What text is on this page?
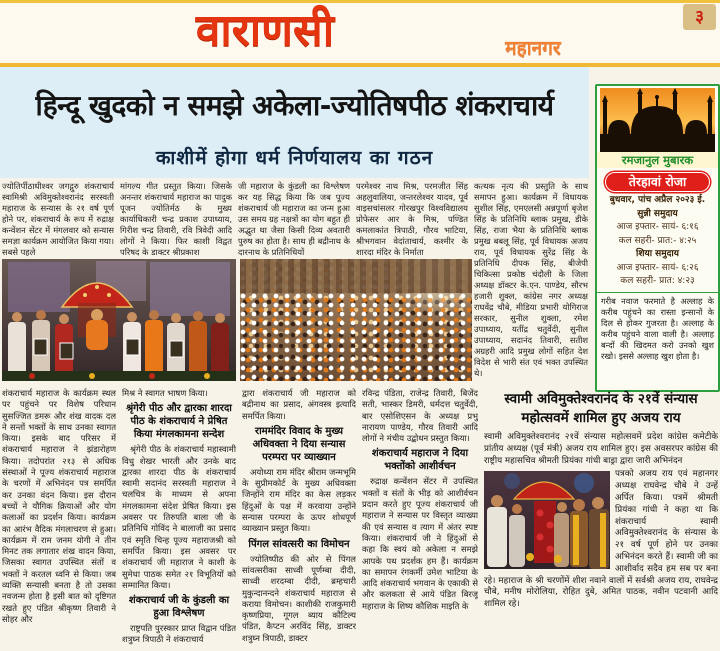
वाराणसी	महानगर
३
हिन्दू खुदको न समझे अकेला-ज्योतिषपीठ शंकराचार्य
काशीमें होगा धर्म निर्णयालय का गठन

ज्योतिर्पीठाधीश्वर जगद्गुरु शंकराचार्य स्वामिश्री अविमुक्तेश्वरानंद सरस्वती महाराज के सन्यास के २१ वर्ष पूर्ण होने पर, शंकराचार्य के रूप में रुद्राक्ष कन्वेंशन सेंटर में मंगलवार को सन्यास समज्ञा कार्यक्रम आयोजित किया गया। सबसे पहले

मांगल्य गीत प्रस्तुत किया। जिसके अनन्तर शंकराचार्य महाराज का पादुक पूजन ज्योतिर्मठ के मुख्य कार्याधिकारी चन्द्र प्रकाश उपाध्याय, गिरीश चन्द्र तिवारी, रवि त्रिवेदी आदि लोगों ने किया। फिर काशी विद्वत परिषद के डाक्टर श्रीप्रकाश

जी महाराज के कुंडली का विश्लेषण कर यह सिद्ध किया कि जब पूज्य शंकराचार्य जी महाराज का जन्म हुआ उस समय ग्रह नक्षत्रों का योग बहुत ही अद्भुत था जैसा किसी दिव्य अवतारी पुरुष का होता है। साथ ही बद्रीनाथ के दारनाथ के प्रतिनिधियों

परमेश्वर नाथ मिश्र, परमजीत सिंह अहलुवालिया, जन्तरलेश्वर यादव, पूर्व वाइसचांसलर गोरखपुर विश्वविद्यालय प्रोफेसर आर के मिश्र, पण्डित कमलाकांत त्रिपाठी, गौरव भाटिया, श्रीभगवान वेदांताचार्य, कश्मीर के शारदा मंदिर के निर्माता

कत्थक नृत्य की प्रस्तुति के साथ समापन हुआ। कार्यक्रम में विधायक सुशील सिंह, एमएलसी अन्नपूर्णा बृजेश सिंह के प्रतिनिधि ब्लाक प्रमुख, डीके सिंह, राजा भैया के प्रतिनिधि ब्लाक प्रमुख बबलू सिंह, पूर्व विधायक अजय राय, पूर्व विधायक सुरेंद्र सिंह के प्रतिनिधि दीपक सिंह, बीजेपी चिकित्सा प्रकोष्ठ चंदौली के जिला अध्यक्ष डॉक्टर के.एन. पाण्डेय, सौरभ हजारी शुक्ल, कांग्रेस नगर अध्यक्ष राघवेंद्र चौबे, मीडिया प्रभारी योगिराज सरकार, सुनील शुक्ला, रमेश उपाध्याय, यतींद्र चतुर्वेदी, सुनील उपाध्याय, सदानंद तिवारी, सतीश अग्रहरी आदि प्रमुख लोगों सहित देश विदेश से भारी संत एवं भक्त उपस्थित थे।

शंकराचार्य महाराज के कार्यक्रम स्थल पर पहुंचने पर विशेष परिधान सुसज्जित डमरू और शंख वादक दल ने सन्तों भक्तों के साथ उनका स्वागत किया। इसके बाद परिसर में शंकराचार्य महाराज ने झंडारोहण किया। तदोपरांत २१३ से अधिक संस्थाओं ने पूज्य शंकराचार्य महाराज के चरणों में अभिनंदन पत्र समर्पित कर उनका वंदन किया। इस दौरान बच्चों ने यौगिक क्रियाओं और योग कलाओं का प्रदर्शन किया। कार्यक्रम का आरंभ वैदिक मंगलाचरण से हुआ। कार्यक्रम में राम जनम योगी ने तीन मिनट तक लगातार शंख वादन किया, जिसका स्वागत उपस्थित संतों व भक्तों ने करतल ध्वनि से किया। जब व्यक्ति सन्यासी बनता है तो उसका नवजन्म होता है इसी बात को दृष्टिगत रखते हुए पंडित श्रीकृष्ण तिवारी ने सोहर और

मिश्र ने स्वागत भाषण किया।

श्रृंगेरी पीठ और द्वारका शारदा पीठ के शंकराचार्य ने प्रेषित किया मंगलकामना सन्देश

श्रृंगेरी पीठ के शंकराचार्य महास्वामी विधु शेखर भारती और उनके बाद द्वारका शारदा पीठ के शंकराचार्य स्वामी सदानंद सरस्वती महाराज ने चलचित्र के माध्यम से अपना मंगलकामना संदेश प्रेषित किया। इस अवसर पर तिरुपति बाला जी के प्रतिनिधि गोविंद ने बालाजी का प्रसाद एवं स्मृति चिन्ह पूज्य महाराजश्री को समर्पित किया। इस अवसर पर शंकराचार्य जी महाराज ने काशी के सुमेधा पाठक समेत २१ विभूतियों को सम्मानित किया।

शंकराचार्य जी के कुंडली का हुआ विश्लेषण

राष्ट्रपति पुरस्कार प्राप्त विद्वान पंडित शत्रुघ्न त्रिपाठी ने शंकराचार्य

द्वारा शंकराचार्य जी महाराज को बद्रीनाथ का प्रसाद, अंगवस्त्र इत्यादि समर्पित किया।

राममंदिर विवाद के मुख्य अधिवक्ता ने दिया सन्यास परम्परा पर व्याख्यान

अयोध्या राम मंदिर श्रीराम जन्मभूमि के सुप्रीमकोर्ट के मुख्य अधिवक्ता जिन्होंने राम मंदिर का केस लड़कर हिंदुओं के पक्ष में करवाया उन्होंने सन्यास परम्परा के ऊपर शोधपूर्ण व्याख्यान प्रस्तुत किया।

पिंगल सांवत्सरी का विमोचन

ज्योतिष्पीठ की ओर से पिंगल सांवत्सरीका साध्वी पूर्णम्बा दीदी, साध्वी शरदम्बा दीदी, ब्रम्हचारी मुकुन्दानन्दने शंकराचार्य महाराज से कराया विमोचन। काशीकी राजकुमारी कृष्णप्रिया, गूगल ब्याय कौटिल्य पंडित, कैप्टन अरविंद सिंह, डाक्टर शत्रुघ्न त्रिपाठी, डाक्टर

रविन्द्र पंडिता, राजेन्द्र तिवारी, बिजेंद सती, भास्कर डिमरी, धर्मदत्त चतुर्वेदी, बार एसोशिएसन के अध्यक्ष प्रभु नारायण पाण्डेय, गौरव तिवारी आदि लोगों ने मंचीय उद्बोधन प्रस्तुत किया।

शंकराचार्य महाराज ने दिया भक्तोंको आशीर्वचन

रुद्राक्ष कन्वेंशन सेंटर में उपस्थित भक्तों व संतों के भीड़ को आशीर्वचन प्रदान करते हुए पूज्य शंकराचार्य जी महाराज ने सन्यास पर विस्तृत व्याख्या की एवं सन्यास व त्याग में अंतर स्पष्ट किया। शंकराचार्य जी ने हिंदुओं से कहा कि स्वयं को अकेला न समझे आपके पथ प्रदर्शक हम हैं। कार्यक्रम का समापन रंगकर्मी उमेश भाटिया के आदि शंकराचार्य भगवान के एकाकी से और कलकता से आये पंडित बिरजू महाराज के शिष्य कौशिक माइति के

रमजानुल मुबारक
तेरहावां रोजा
बुधवार, पांच अप्रैल २०२३ ई.
सुन्नी समुदाय
आज इफ्तार- सायं- ६:१६
कल सहरी- प्रात:- ४:२५
शिया समुदाय
आज इफ्तार- सायं- ६:२६
कल सहरी- प्रात: ४:२३
गरीब नवाज फरमाते है अल्लाह के करीब पहुंचने का रास्ता इन्सानों के दिल से होकर गुजरता है। अल्लाह के करीब पहुंचने वाला वाली है। अल्लाह बन्दों की खिदमत करो उनको खुश रखो। इससे अल्लाह खुश होता है।
स्वामी अविमुक्तेश्वरानंद के २१वें संन्यास महोत्सवमें शामिल हुए अजय राय

स्वामी अविमुक्तेश्वरानंद २१वें संन्यास महोत्सवमें प्रदेश कांग्रेस कमेटीके प्रांतीय अध्यक्ष (पूर्व मंत्री) अजय राय शामिल हुए। इस अवसरपर कांग्रेस की राष्ट्रीय महासचिव श्रीमती प्रियंका गांधी बाड्रा द्वारा जारी अभिनंदन

पत्रको अजय राय एवं महानगर अध्यक्ष राघवेन्द्र चौबे ने उन्हें अर्पित किया। पत्रमें श्रीमती प्रियंका गांधी ने कहा था कि शंकराचार्य स्वामी अविमुक्तेश्वरानंद के संन्यास के २१ वर्ष पूर्ण होने पर उनका अभिनंदन करते हैं। स्वामी जी का आशीर्वाद सदैव हम सब पर बना रहे। महाराज के श्री चरणोंमें शीश नवाने वालों में सर्वश्री अजय राय, राघवेन्द्र चौबे, मनीष मोरोलिया, रोहित दुबे, अमित पाठक, नवीन पटवानी आदि शामिल रहे।
